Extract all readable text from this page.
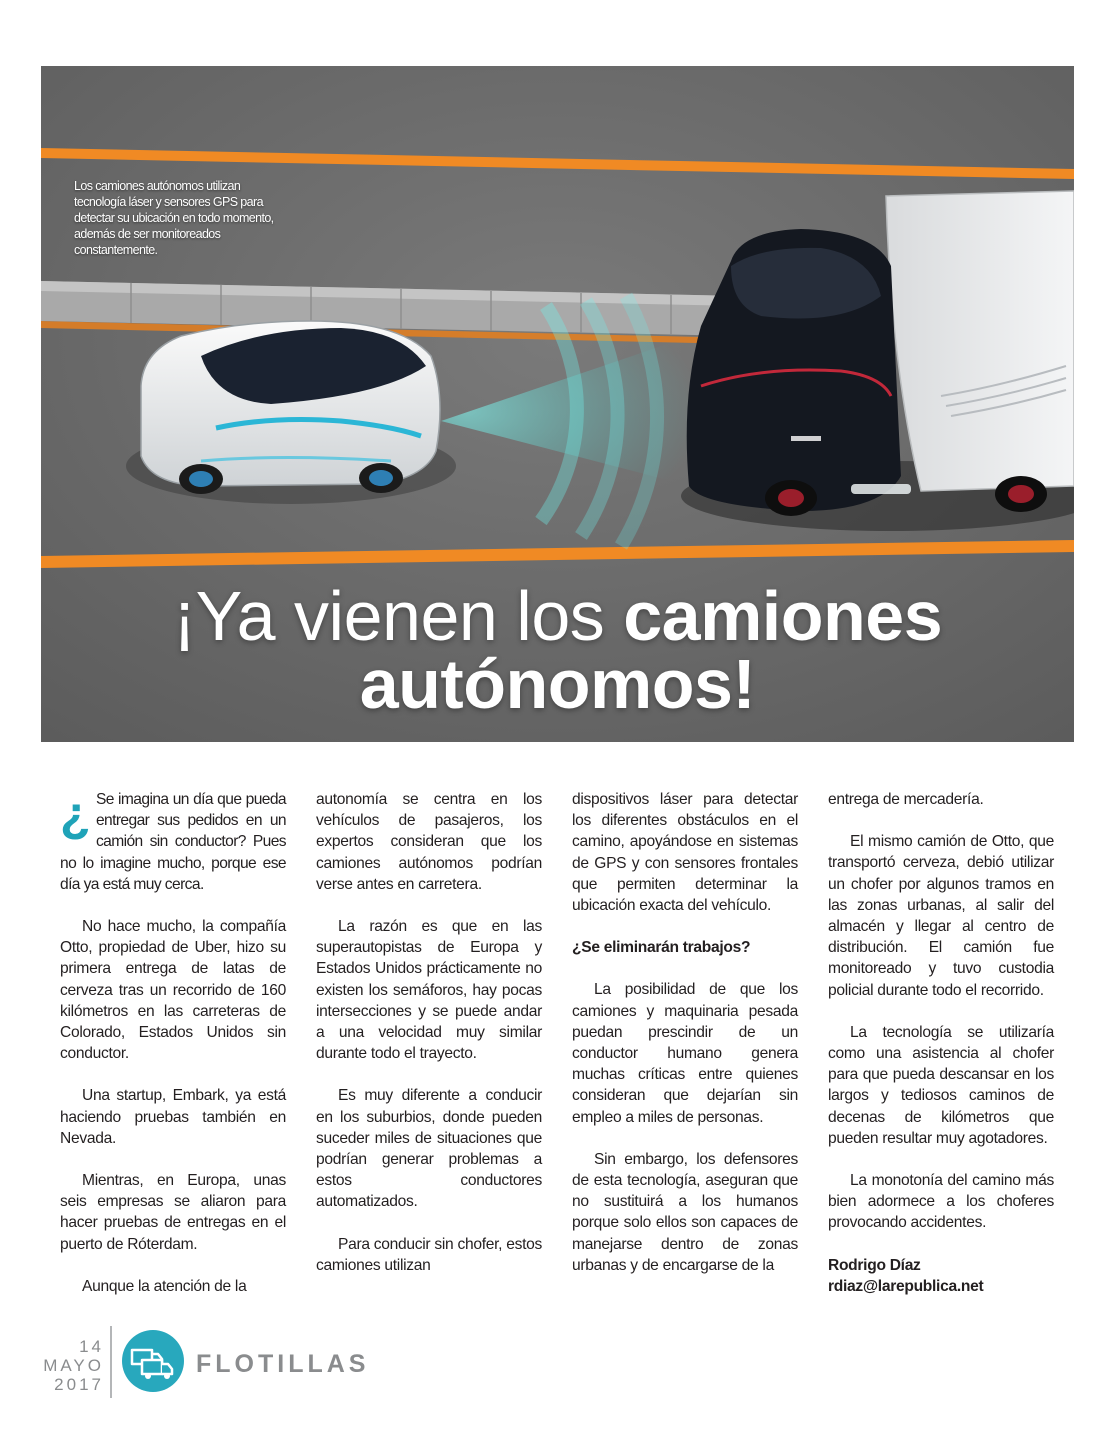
Los camiones autónomos utilizan tecnología láser y sensores GPS para detectar su ubicación en todo momento, además de ser monitoreados constantemente.
¡Ya vienen los camiones
autónomos!

¿ Se imagina un día que pueda entregar sus pedidos en un camión sin conductor? Pues no lo imagine mucho, porque ese día ya está muy cerca.

No hace mucho, la compañía Otto, propiedad de Uber, hizo su primera entrega de latas de cerveza tras un recorrido de 160 kilómetros en las carreteras de Colorado, Estados Unidos sin conductor.

Una startup, Embark, ya está haciendo pruebas también en Nevada.

Mientras, en Europa, unas seis empresas se aliaron para hacer pruebas de entregas en el puerto de Róterdam.

Aunque la atención de la

autonomía se centra en los vehículos de pasajeros, los expertos consideran que los camiones autónomos podrían verse antes en carretera.

La razón es que en las superautopistas de Europa y Estados Unidos prácticamente no existen los semáforos, hay pocas intersecciones y se puede andar a una velocidad muy similar durante todo el trayecto.

Es muy diferente a conducir en los suburbios, donde pueden suceder miles de situaciones que podrían generar problemas a estos conductores automatizados.

Para conducir sin chofer, estos camiones utilizan

dispositivos láser para detectar los diferentes obstáculos en el camino, apoyándose en sistemas de GPS y con sensores frontales que permiten determinar la ubicación exacta del vehículo.

¿Se eliminarán trabajos?

La posibilidad de que los camiones y maquinaria pesada puedan prescindir de un conductor humano genera muchas críticas entre quienes consideran que dejarían sin empleo a miles de personas.

Sin embargo, los defensores de esta tecnología, aseguran que no sustituirá a los humanos porque solo ellos son capaces de manejarse dentro de zonas urbanas y de encargarse de la

entrega de mercadería.

El mismo camión de Otto, que transportó cerveza, debió utilizar un chofer por algunos tramos en las zonas urbanas, al salir del almacén y llegar al centro de distribución. El camión fue monitoreado y tuvo custodia policial durante todo el recorrido.

La tecnología se utilizaría como una asistencia al chofer para que pueda descansar en los largos y tediosos caminos de decenas de kilómetros que pueden resultar muy agotadores.

La monotonía del camino más bien adormece a los choferes provocando accidentes.

Rodrigo Díaz

rdiaz@larepublica.net

14
MAYO
2017
FLOTILLAS
